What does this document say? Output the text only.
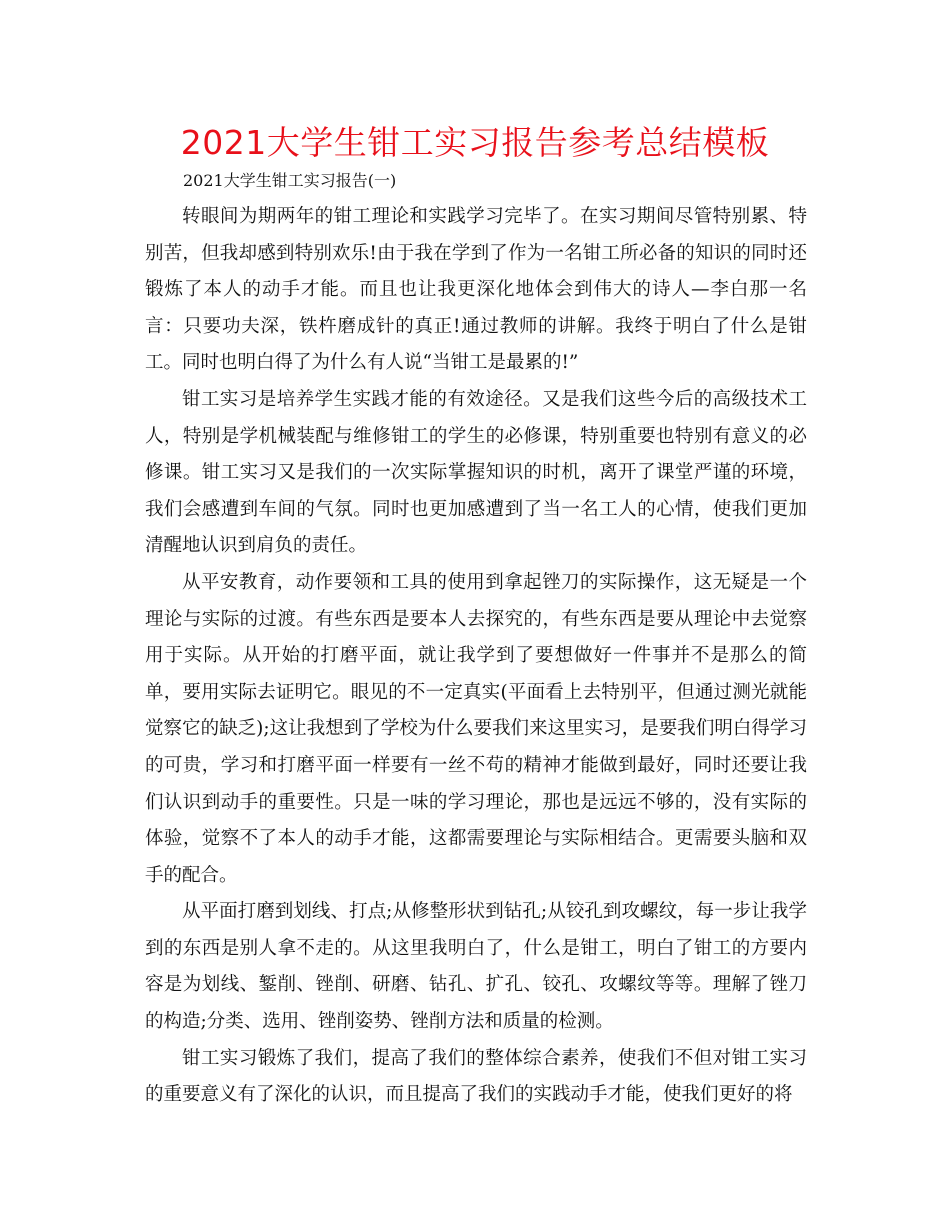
2021大学生钳工实习报告参考总结模板

2021大学生钳工实习报告(一)

转眼间为期两年的钳工理论和实践学习完毕了。在实习期间尽管特别累、特别苦，但我却感到特别欢乐!由于我在学到了作为一名钳工所必备的知识的同时还锻炼了本人的动手才能。而且也让我更深化地体会到伟大的诗人—李白那一名言：只要功夫深，铁杵磨成针的真正!通过教师的讲解。我终于明白了什么是钳工。同时也明白得了为什么有人说“当钳工是最累的!”

钳工实习是培养学生实践才能的有效途径。又是我们这些今后的高级技术工人，特别是学机械装配与维修钳工的学生的必修课，特别重要也特别有意义的必修课。钳工实习又是我们的一次实际掌握知识的时机，离开了课堂严谨的环境，我们会感遭到车间的气氛。同时也更加感遭到了当一名工人的心情，使我们更加清醒地认识到肩负的责任。

从平安教育，动作要领和工具的使用到拿起锉刀的实际操作，这无疑是一个理论与实际的过渡。有些东西是要本人去探究的，有些东西是要从理论中去觉察用于实际。从开始的打磨平面，就让我学到了要想做好一件事并不是那么的简单，要用实际去证明它。眼见的不一定真实(平面看上去特别平，但通过测光就能觉察它的缺乏);这让我想到了学校为什么要我们来这里实习，是要我们明白得学习的可贵，学习和打磨平面一样要有一丝不苟的精神才能做到最好，同时还要让我们认识到动手的重要性。只是一味的学习理论，那也是远远不够的，没有实际的体验，觉察不了本人的动手才能，这都需要理论与实际相结合。更需要头脑和双手的配合。

从平面打磨到划线、打点;从修整形状到钻孔;从铰孔到攻螺纹，每一步让我学到的东西是别人拿不走的。从这里我明白了，什么是钳工，明白了钳工的方要内容是为划线、錾削、锉削、研磨、钻孔、扩孔、铰孔、攻螺纹等等。理解了锉刀的构造;分类、选用、锉削姿势、锉削方法和质量的检测。

钳工实习锻炼了我们，提高了我们的整体综合素养，使我们不但对钳工实习的重要意义有了深化的认识，而且提高了我们的实践动手才能，使我们更好的将
